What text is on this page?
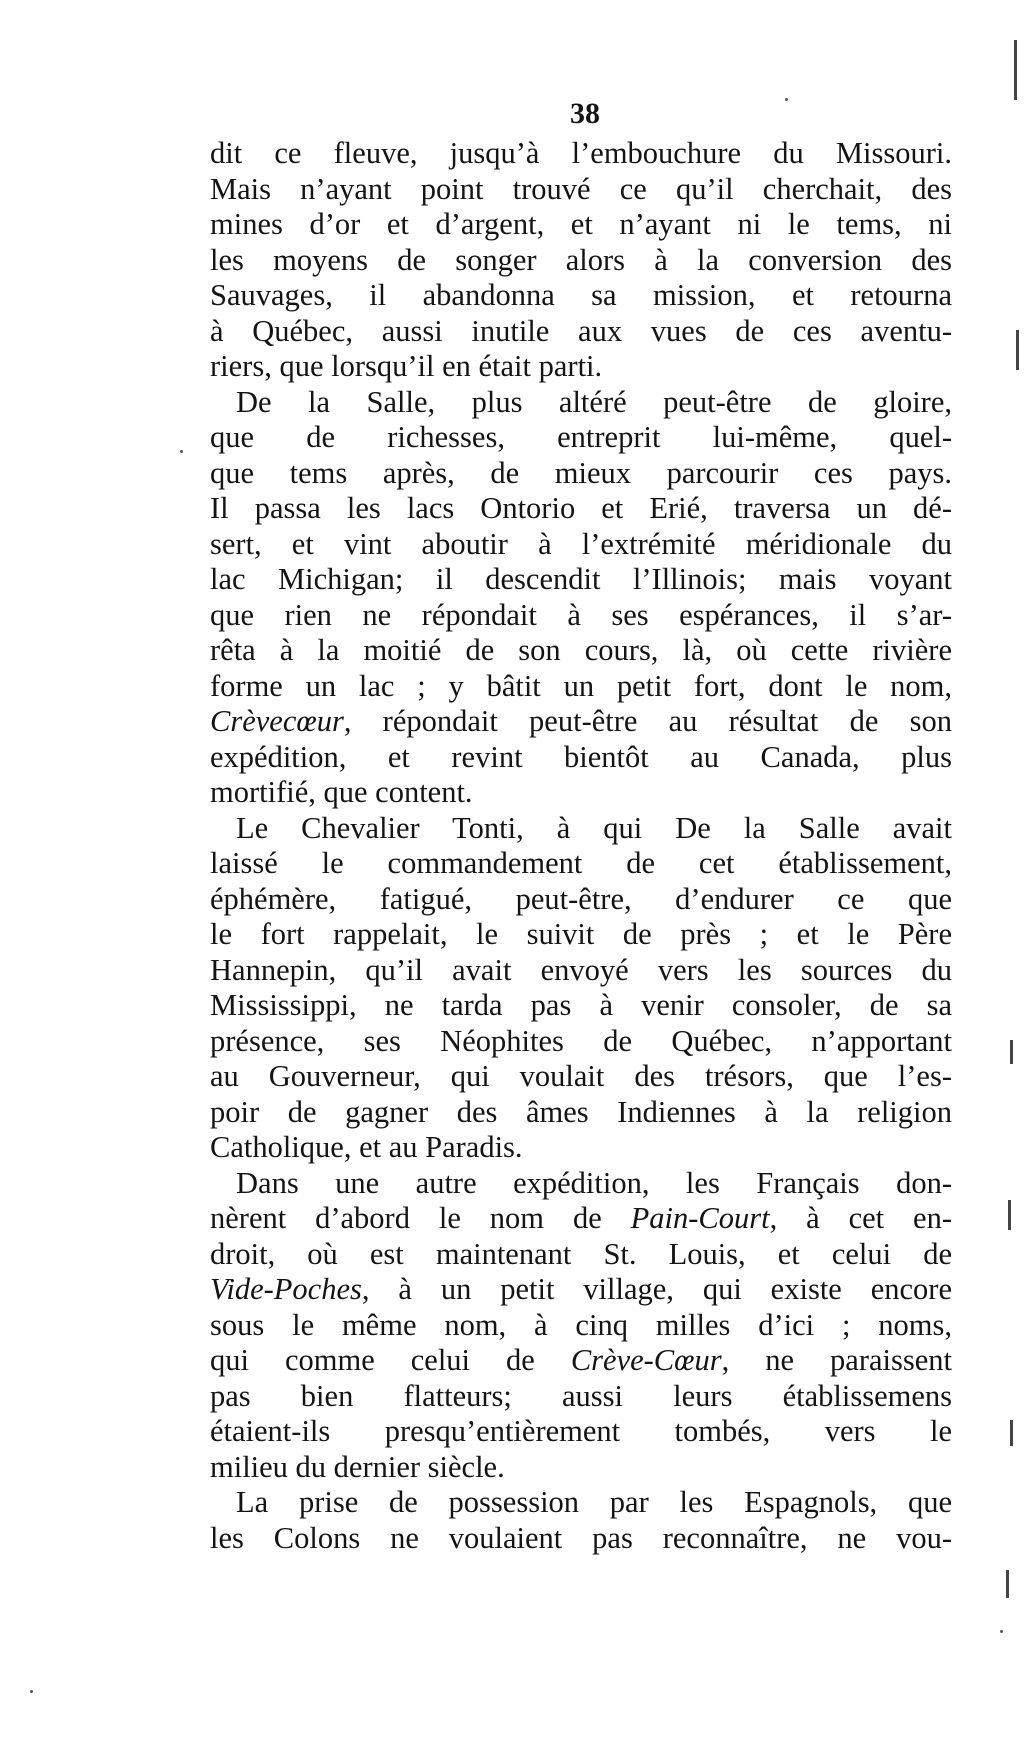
38
dit ce fleuve, jusqu’à l’embouchure du Missouri.
Mais n’ayant point trouvé ce qu’il cherchait, des
mines d’or et d’argent, et n’ayant ni le tems, ni
les moyens de songer alors à la conversion des
Sauvages, il abandonna sa mission, et retourna
à Québec, aussi inutile aux vues de ces aventu-
riers, que lorsqu’il en était parti.
De la Salle, plus altéré peut-être de gloire,
que de richesses, entreprit lui-même, quel-
que tems après, de mieux parcourir ces pays.
Il passa les lacs Ontorio et Erié, traversa un dé-
sert, et vint aboutir à l’extrémité méridionale du
lac Michigan; il descendit l’Illinois; mais voyant
que rien ne répondait à ses espérances, il s’ar-
rêta à la moitié de son cours, là, où cette rivière
forme un lac ; y bâtit un petit fort, dont le nom,
Crèvecœur, répondait peut-être au résultat de son
expédition, et revint bientôt au Canada, plus
mortifié, que content.
Le Chevalier Tonti, à qui De la Salle avait
laissé le commandement de cet établissement,
éphémère, fatigué, peut-être, d’endurer ce que
le fort rappelait, le suivit de près ; et le Père
Hannepin, qu’il avait envoyé vers les sources du
Mississippi, ne tarda pas à venir consoler, de sa
présence, ses Néophites de Québec, n’apportant
au Gouverneur, qui voulait des trésors, que l’es-
poir de gagner des âmes Indiennes à la religion
Catholique, et au Paradis.
Dans une autre expédition, les Français don-
nèrent d’abord le nom de Pain-Court, à cet en-
droit, où est maintenant St. Louis, et celui de
Vide-Poches, à un petit village, qui existe encore
sous le même nom, à cinq milles d’ici ; noms,
qui comme celui de Crève-Cœur, ne paraissent
pas bien flatteurs; aussi leurs établissemens
étaient-ils presqu’entièrement tombés, vers le
milieu du dernier siècle.
La prise de possession par les Espagnols, que
les Colons ne voulaient pas reconnaître, ne vou-
